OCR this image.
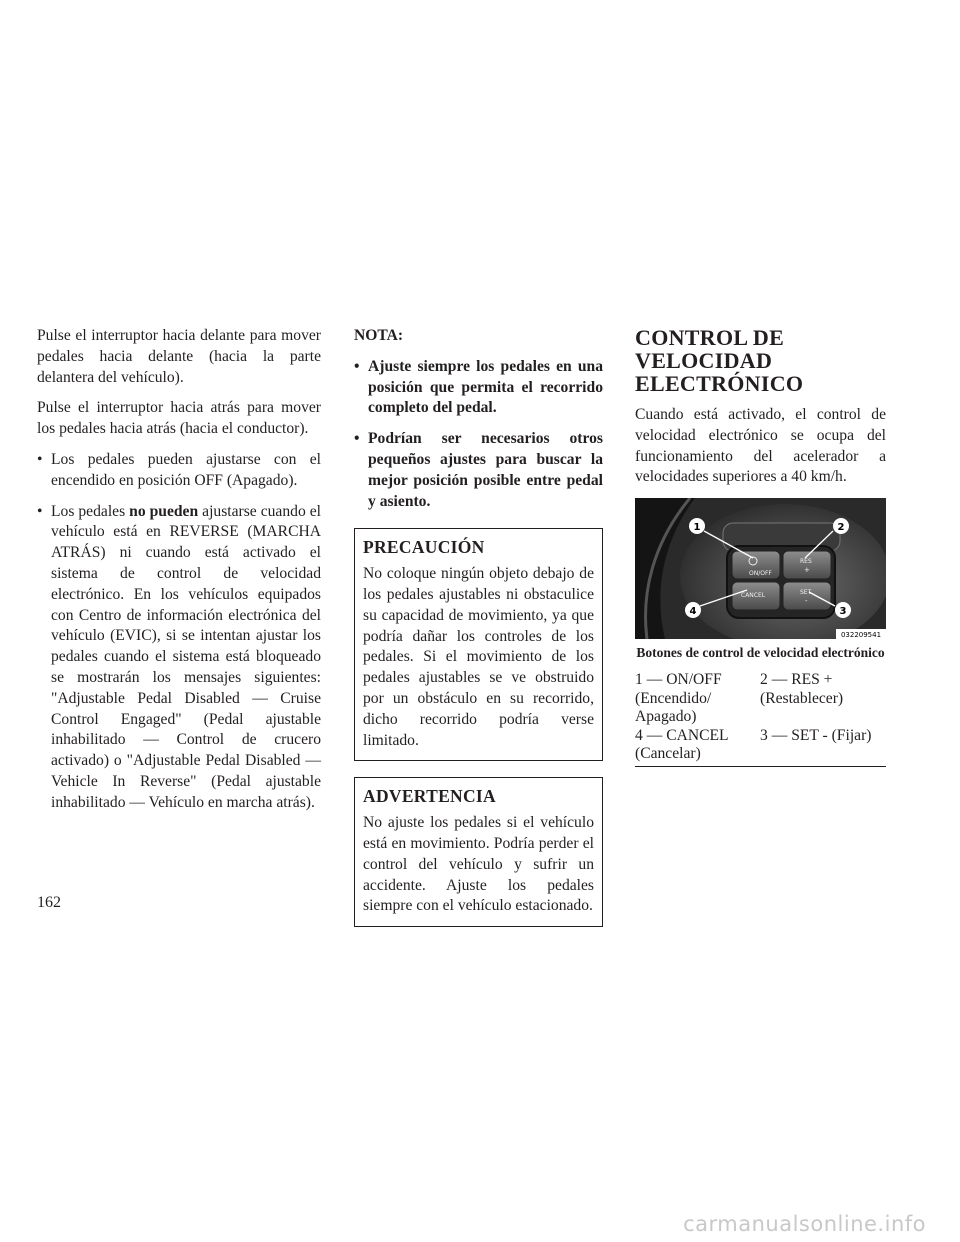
Pulse el interruptor hacia delante para mover pedales hacia delante (hacia la parte delantera del vehículo).

Pulse el interruptor hacia atrás para mover los pedales hacia atrás (hacia el conductor).

• Los pedales pueden ajustarse con el encendido en posición OFF (Apagado).
• Los pedales no pueden ajustarse cuando el vehículo está en REVERSE (MARCHA ATRÁS) ni cuando está activado el sistema de control de velocidad electrónico. En los vehículos equipados con Centro de información electrónica del vehículo (EVIC), si se intentan ajustar los pedales cuando el sistema está bloqueado se mostrarán los mensajes siguientes: "Adjustable Pedal Disabled — Cruise Control Engaged" (Pedal ajustable inhabilitado — Control de crucero activado) o "Adjustable Pedal Disabled — Vehicle In Reverse" (Pedal ajustable inhabilitado — Vehículo en marcha atrás).
NOTA:
• Ajuste siempre los pedales en una posición que permita el recorrido completo del pedal.
• Podrían ser necesarios otros pequeños ajustes para buscar la mejor posición posible entre pedal y asiento.
PRECAUCIÓN

No coloque ningún objeto debajo de los pedales ajustables ni obstaculice su capacidad de movimiento, ya que podría dañar los controles de los pedales. Si el movimiento de los pedales ajustables se ve obstruido por un obstáculo en su recorrido, dicho recorrido podría verse limitado.

ADVERTENCIA

No ajuste los pedales si el vehículo está en movimiento. Podría perder el control del vehículo y sufrir un accidente. Ajuste los pedales siempre con el vehículo estacionado.

CONTROL DE VELOCIDAD ELECTRÓNICO

Cuando está activado, el control de velocidad electrónico se ocupa del funcionamiento del acelerador a velocidades superiores a 40 km/h.

ON/OFF
RES
+
CANCEL	SET
-
1	2
3
4
032209541
Botones de control de velocidad electrónico
1 — ON/OFF (Encendido/ Apagado)
2 — RES + (Restablecer)
4 — CANCEL (Cancelar)
3 — SET - (Fijar)
162
carmanualsonline.info
